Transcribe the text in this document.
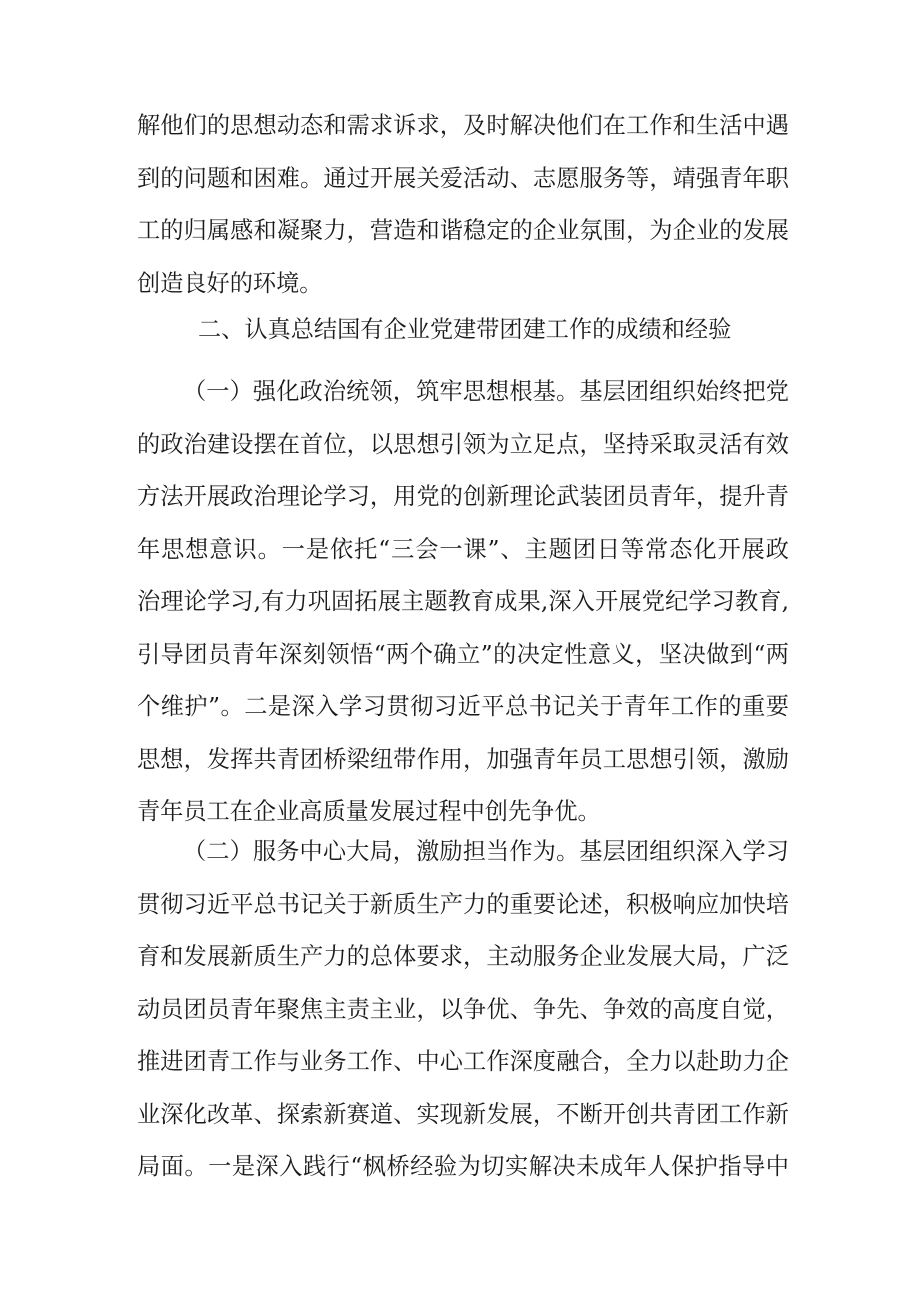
解他们的思想动态和需求诉求，及时解决他们在工作和生活中遇
到的问题和困难。通过开展关爱活动、志愿服务等，靖强青年职
工的归属感和凝聚力，营造和谐稳定的企业氛围，为企业的发展
创造良好的环境。
二、认真总结国有企业党建带团建工作的成绩和经验
（一）强化政治统领，筑牢思想根基。基层团组织始终把党
的政治建设摆在首位，以思想引领为立足点，坚持采取灵活有效
方法开展政治理论学习，用党的创新理论武装团员青年，提升青
年思想意识。一是依托“三会一课”、主题团日等常态化开展政
治理论学习,有力巩固拓展主题教育成果,深入开展党纪学习教育,
引导团员青年深刻领悟“两个确立”的决定性意义，坚决做到“两
个维护”。二是深入学习贯彻习近平总书记关于青年工作的重要
思想，发挥共青团桥梁纽带作用，加强青年员工思想引领，激励
青年员工在企业高质量发展过程中创先争优。
（二）服务中心大局，激励担当作为。基层团组织深入学习
贯彻习近平总书记关于新质生产力的重要论述，积极响应加快培
育和发展新质生产力的总体要求，主动服务企业发展大局，广泛
动员团员青年聚焦主责主业，以争优、争先、争效的高度自觉，
推进团青工作与业务工作、中心工作深度融合，全力以赴助力企
业深化改革、探索新赛道、实现新发展，不断开创共青团工作新
局面。一是深入践行“枫桥经验为切实解决未成年人保护指导中
